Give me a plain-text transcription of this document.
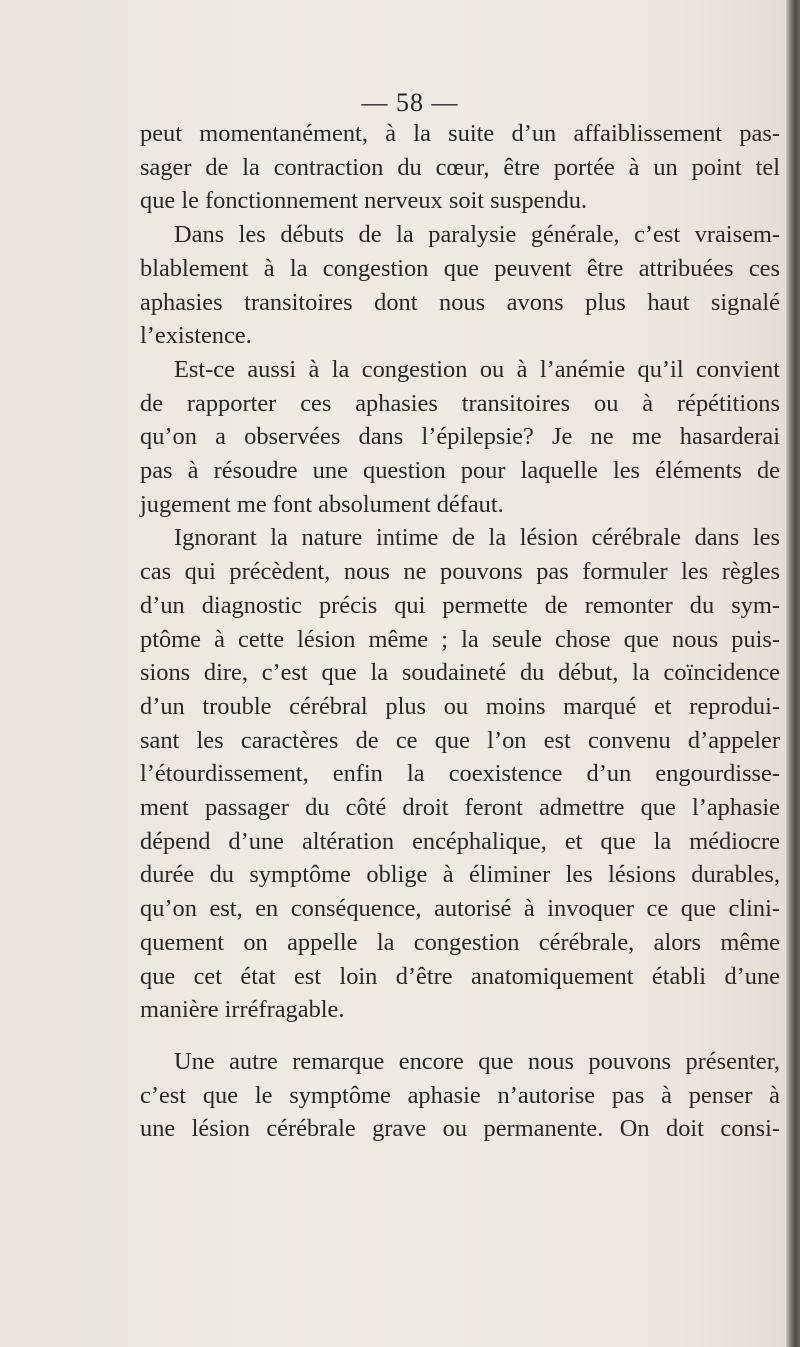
— 58 —

peut momentanément, à la suite d’un affaiblissement pas-

sager de la contraction du cœur, être portée à un point tel

que le fonctionnement nerveux soit suspendu.

Dans les débuts de la paralysie générale, c’est vraisem-

blablement à la congestion que peuvent être attribuées ces

aphasies transitoires dont nous avons plus haut signalé

l’existence.

Est-ce aussi à la congestion ou à l’anémie qu’il convient

de rapporter ces aphasies transitoires ou à répétitions

qu’on a observées dans l’épilepsie? Je ne me hasarderai

pas à résoudre une question pour laquelle les éléments de

jugement me font absolument défaut.

Ignorant la nature intime de la lésion cérébrale dans les

cas qui précèdent, nous ne pouvons pas formuler les règles

d’un diagnostic précis qui permette de remonter du sym-

ptôme à cette lésion même ; la seule chose que nous puis-

sions dire, c’est que la soudaineté du début, la coïncidence

d’un trouble cérébral plus ou moins marqué et reprodui-

sant les caractères de ce que l’on est convenu d’appeler

l’étourdissement, enfin la coexistence d’un engourdisse-

ment passager du côté droit feront admettre que l’aphasie

dépend d’une altération encéphalique, et que la médiocre

durée du symptôme oblige à éliminer les lésions durables,

qu’on est, en conséquence, autorisé à invoquer ce que clini-

quement on appelle la congestion cérébrale, alors même

que cet état est loin d’être anatomiquement établi d’une

manière irréfragable.

Une autre remarque encore que nous pouvons présenter,

c’est que le symptôme aphasie n’autorise pas à penser à

une lésion cérébrale grave ou permanente. On doit consi-
